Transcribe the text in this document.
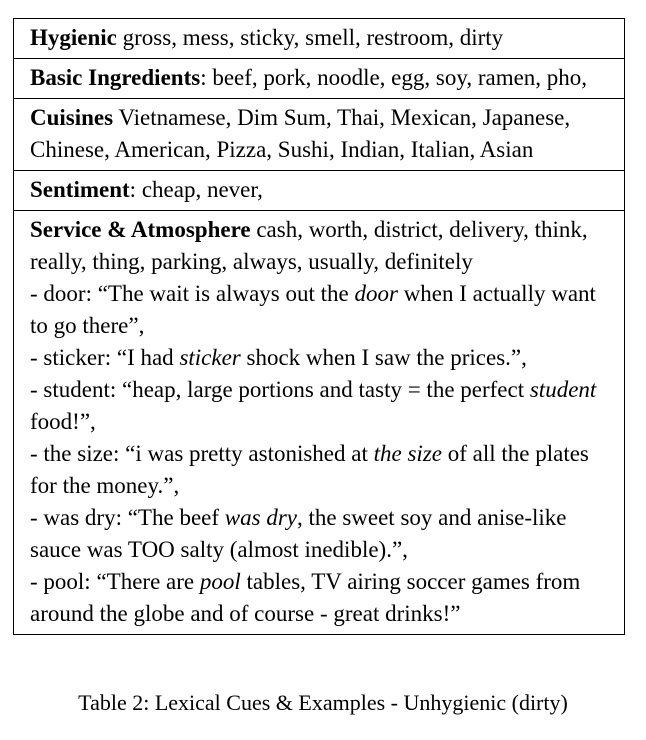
Hygienic gross, mess, sticky, smell, restroom, dirty
Basic Ingredients: beef, pork, noodle, egg, soy, ramen, pho,
Cuisines Vietnamese, Dim Sum, Thai, Mexican, Japanese, Chinese, American, Pizza, Sushi, Indian, Italian, Asian
Sentiment: cheap, never,
Service & Atmosphere cash, worth, district, delivery, think, really, thing, parking, always, usually, definitely
- door: “The wait is always out the door when I actually want to go there”,
- sticker: “I had sticker shock when I saw the prices.”,
- student: “heap, large portions and tasty = the perfect student food!”,
- the size: “i was pretty astonished at the size of all the plates for the money.”,
- was dry: “The beef was dry, the sweet soy and anise-like sauce was TOO salty (almost inedible).”,
- pool: “There are pool tables, TV airing soccer games from around the globe and of course - great drinks!”
Table 2: Lexical Cues & Examples - Unhygienic (dirty)
